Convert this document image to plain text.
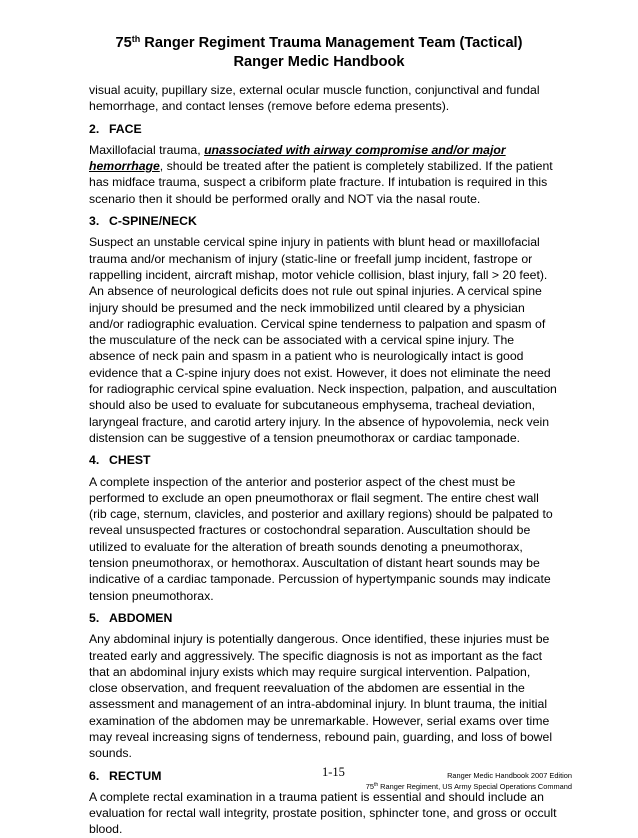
75th Ranger Regiment Trauma Management Team (Tactical)
Ranger Medic Handbook

visual acuity, pupillary size, external ocular muscle function, conjunctival and fundal hemorrhage, and contact lenses (remove before edema presents).

2. FACE

Maxillofacial trauma, unassociated with airway compromise and/or major hemorrhage, should be treated after the patient is completely stabilized. If the patient has midface trauma, suspect a cribiform plate fracture. If intubation is required in this scenario then it should be performed orally and NOT via the nasal route.

3. C-SPINE/NECK

Suspect an unstable cervical spine injury in patients with blunt head or maxillofacial trauma and/or mechanism of injury (static-line or freefall jump incident, fastrope or rappelling incident, aircraft mishap, motor vehicle collision, blast injury, fall > 20 feet). An absence of neurological deficits does not rule out spinal injuries. A cervical spine injury should be presumed and the neck immobilized until cleared by a physician and/or radiographic evaluation. Cervical spine tenderness to palpation and spasm of the musculature of the neck can be associated with a cervical spine injury. The absence of neck pain and spasm in a patient who is neurologically intact is good evidence that a C-spine injury does not exist. However, it does not eliminate the need for radiographic cervical spine evaluation. Neck inspection, palpation, and auscultation should also be used to evaluate for subcutaneous emphysema, tracheal deviation, laryngeal fracture, and carotid artery injury. In the absence of hypovolemia, neck vein distension can be suggestive of a tension pneumothorax or cardiac tamponade.

4. CHEST

A complete inspection of the anterior and posterior aspect of the chest must be performed to exclude an open pneumothorax or flail segment. The entire chest wall (rib cage, sternum, clavicles, and posterior and axillary regions) should be palpated to reveal unsuspected fractures or costochondral separation. Auscultation should be utilized to evaluate for the alteration of breath sounds denoting a pneumothorax, tension pneumothorax, or hemothorax. Auscultation of distant heart sounds may be indicative of a cardiac tamponade. Percussion of hypertympanic sounds may indicate tension pneumothorax.

5. ABDOMEN

Any abdominal injury is potentially dangerous. Once identified, these injuries must be treated early and aggressively. The specific diagnosis is not as important as the fact that an abdominal injury exists which may require surgical intervention. Palpation, close observation, and frequent reevaluation of the abdomen are essential in the assessment and management of an intra-abdominal injury. In blunt trauma, the initial examination of the abdomen may be unremarkable. However, serial exams over time may reveal increasing signs of tenderness, rebound pain, guarding, and loss of bowel sounds.

6. RECTUM

A complete rectal examination in a trauma patient is essential and should include an evaluation for rectal wall integrity, prostate position, sphincter tone, and gross or occult blood.

1-15	Ranger Medic Handbook 2007 Edition
75th Ranger Regiment, US Army Special Operations Command
